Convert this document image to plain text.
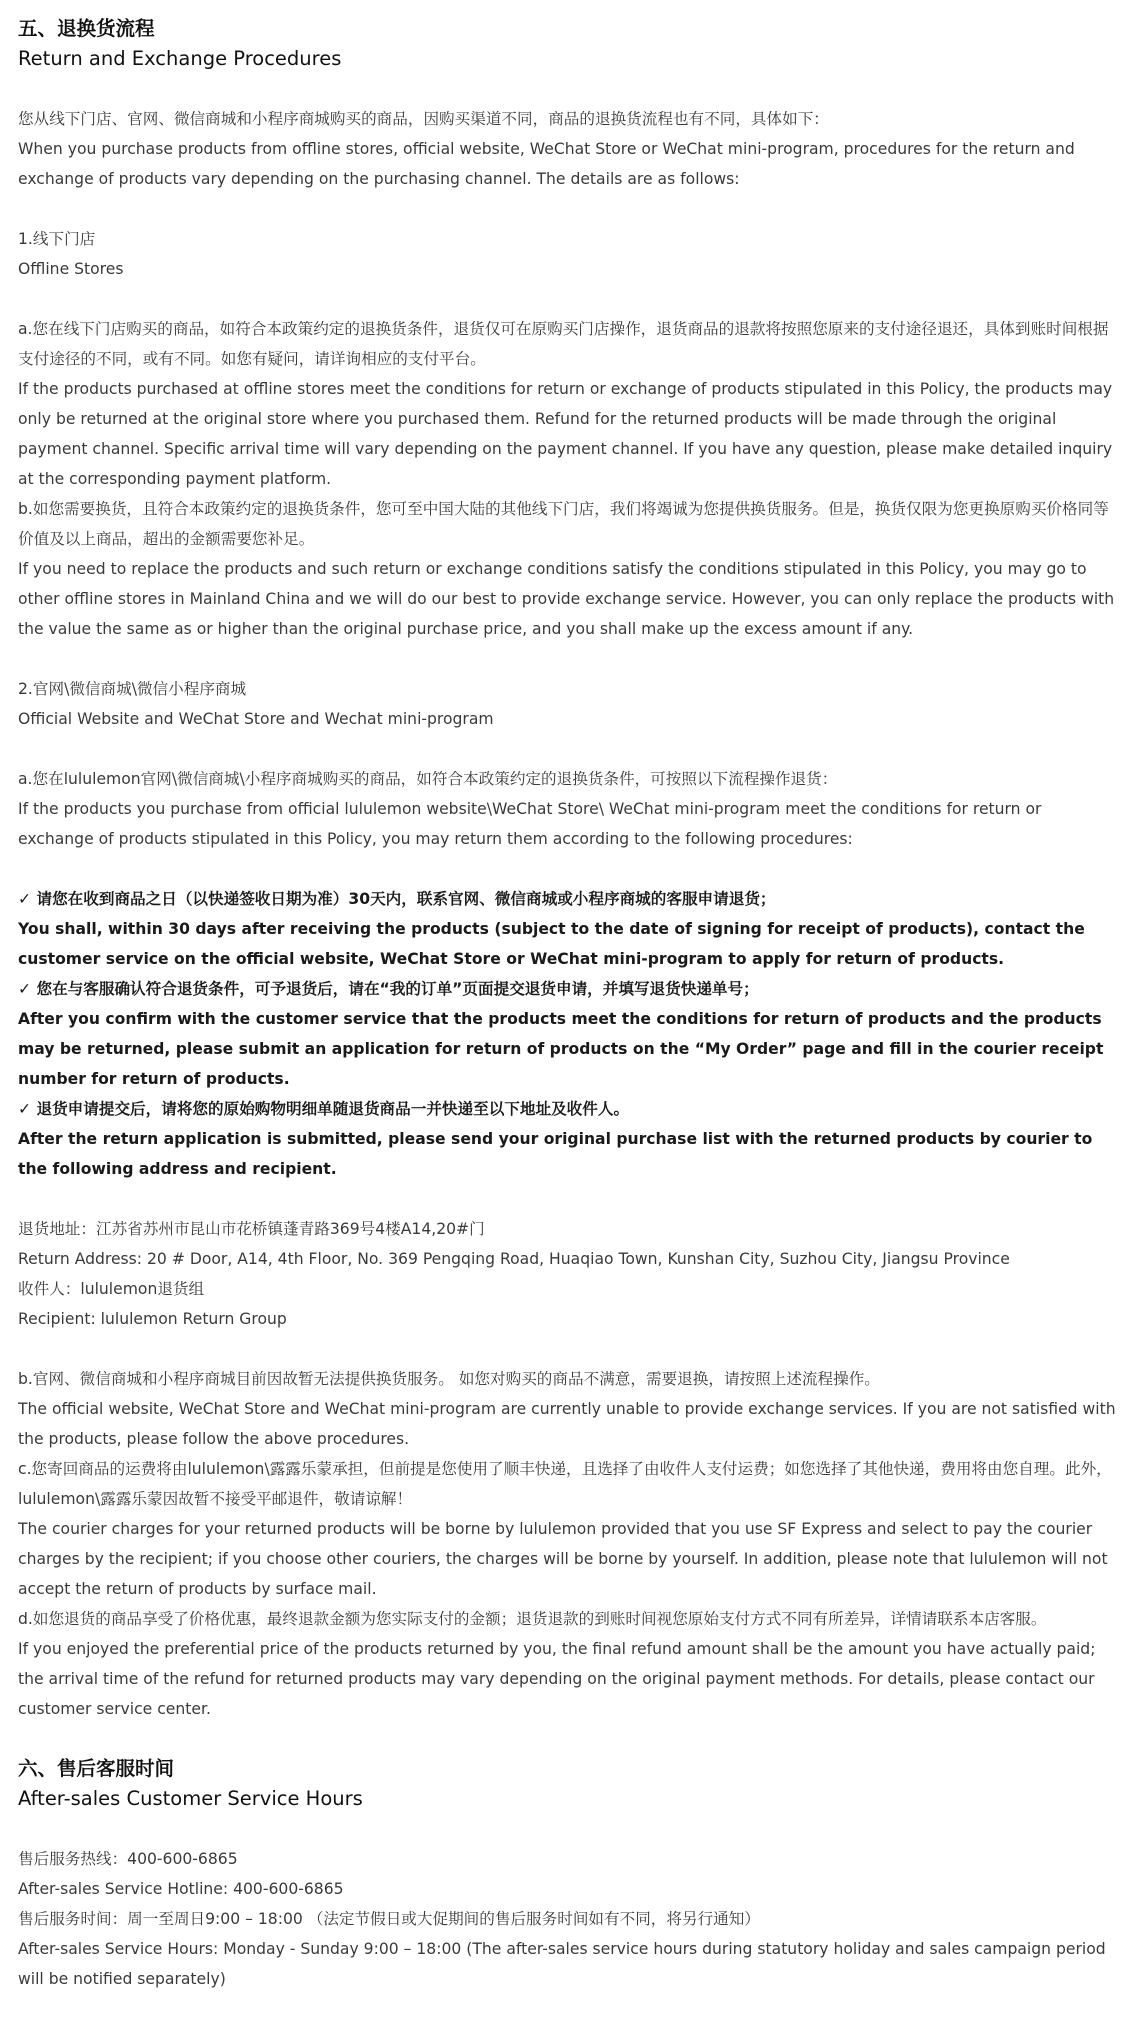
五、退换货流程
Return and Exchange Procedures
您从线下门店、官网、微信商城和小程序商城购买的商品，因购买渠道不同，商品的退换货流程也有不同，具体如下：
When you purchase products from offline stores, official website, WeChat Store or WeChat mini-program, procedures for the return and exchange of products vary depending on the purchasing channel. The details are as follows:
1.线下门店
Offline Stores
a.您在线下门店购买的商品，如符合本政策约定的退换货条件，退货仅可在原购买门店操作，退货商品的退款将按照您原来的支付途径退还，具体到账时间根据支付途径的不同，或有不同。如您有疑问，请详询相应的支付平台。
If the products purchased at offline stores meet the conditions for return or exchange of products stipulated in this Policy, the products may only be returned at the original store where you purchased them. Refund for the returned products will be made through the original payment channel. Specific arrival time will vary depending on the payment channel. If you have any question, please make detailed inquiry at the corresponding payment platform.
b.如您需要换货，且符合本政策约定的退换货条件，您可至中国大陆的其他线下门店，我们将竭诚为您提供换货服务。但是，换货仅限为您更换原购买价格同等价值及以上商品，超出的金额需要您补足。
If you need to replace the products and such return or exchange conditions satisfy the conditions stipulated in this Policy, you may go to other offline stores in Mainland China and we will do our best to provide exchange service. However, you can only replace the products with the value the same as or higher than the original purchase price, and you shall make up the excess amount if any.
2.官网\微信商城\微信小程序商城
Official Website and WeChat Store and Wechat mini-program
a.您在lululemon官网\微信商城\小程序商城购买的商品，如符合本政策约定的退换货条件，可按照以下流程操作退货：
If the products you purchase from official lululemon website\WeChat Store\ WeChat mini-program meet the conditions for return or exchange of products stipulated in this Policy, you may return them according to the following procedures:
✓ 请您在收到商品之日（以快递签收日期为准）30天内，联系官网、微信商城或小程序商城的客服申请退货；
You shall, within 30 days after receiving the products (subject to the date of signing for receipt of products), contact the customer service on the official website, WeChat Store or WeChat mini-program to apply for return of products.
✓ 您在与客服确认符合退货条件，可予退货后，请在“我的订单”页面提交退货申请，并填写退货快递单号；
After you confirm with the customer service that the products meet the conditions for return of products and the products may be returned, please submit an application for return of products on the “My Order” page and fill in the courier receipt number for return of products.
✓ 退货申请提交后，请将您的原始购物明细单随退货商品一并快递至以下地址及收件人。
After the return application is submitted, please send your original purchase list with the returned products by courier to the following address and recipient.
退货地址：江苏省苏州市昆山市花桥镇蓬青路369号4楼A14,20#门
Return Address: 20 # Door, A14, 4th Floor, No. 369 Pengqing Road, Huaqiao Town, Kunshan City, Suzhou City, Jiangsu Province
收件人：lululemon退货组
Recipient: lululemon Return Group
b.官网、微信商城和小程序商城目前因故暂无法提供换货服务。 如您对购买的商品不满意，需要退换，请按照上述流程操作。
The official website, WeChat Store and WeChat mini-program are currently unable to provide exchange services. If you are not satisfied with the products, please follow the above procedures.
c.您寄回商品的运费将由lululemon\露露乐蒙承担，但前提是您使用了顺丰快递，且选择了由收件人支付运费；如您选择了其他快递，费用将由您自理。此外，lululemon\露露乐蒙因故暂不接受平邮退件，敬请谅解！
The courier charges for your returned products will be borne by lululemon provided that you use SF Express and select to pay the courier charges by the recipient; if you choose other couriers, the charges will be borne by yourself. In addition, please note that lululemon will not accept the return of products by surface mail.
d.如您退货的商品享受了价格优惠，最终退款金额为您实际支付的金额；退货退款的到账时间视您原始支付方式不同有所差异，详情请联系本店客服。
If you enjoyed the preferential price of the products returned by you, the final refund amount shall be the amount you have actually paid; the arrival time of the refund for returned products may vary depending on the original payment methods. For details, please contact our customer service center.
六、售后客服时间
After-sales Customer Service Hours
售后服务热线：400-600-6865
After-sales Service Hotline: 400-600-6865
售后服务时间：周一至周日9:00 – 18:00 （法定节假日或大促期间的售后服务时间如有不同，将另行通知）
After-sales Service Hours: Monday - Sunday 9:00 – 18:00 (The after-sales service hours during statutory holiday and sales campaign period will be notified separately)
